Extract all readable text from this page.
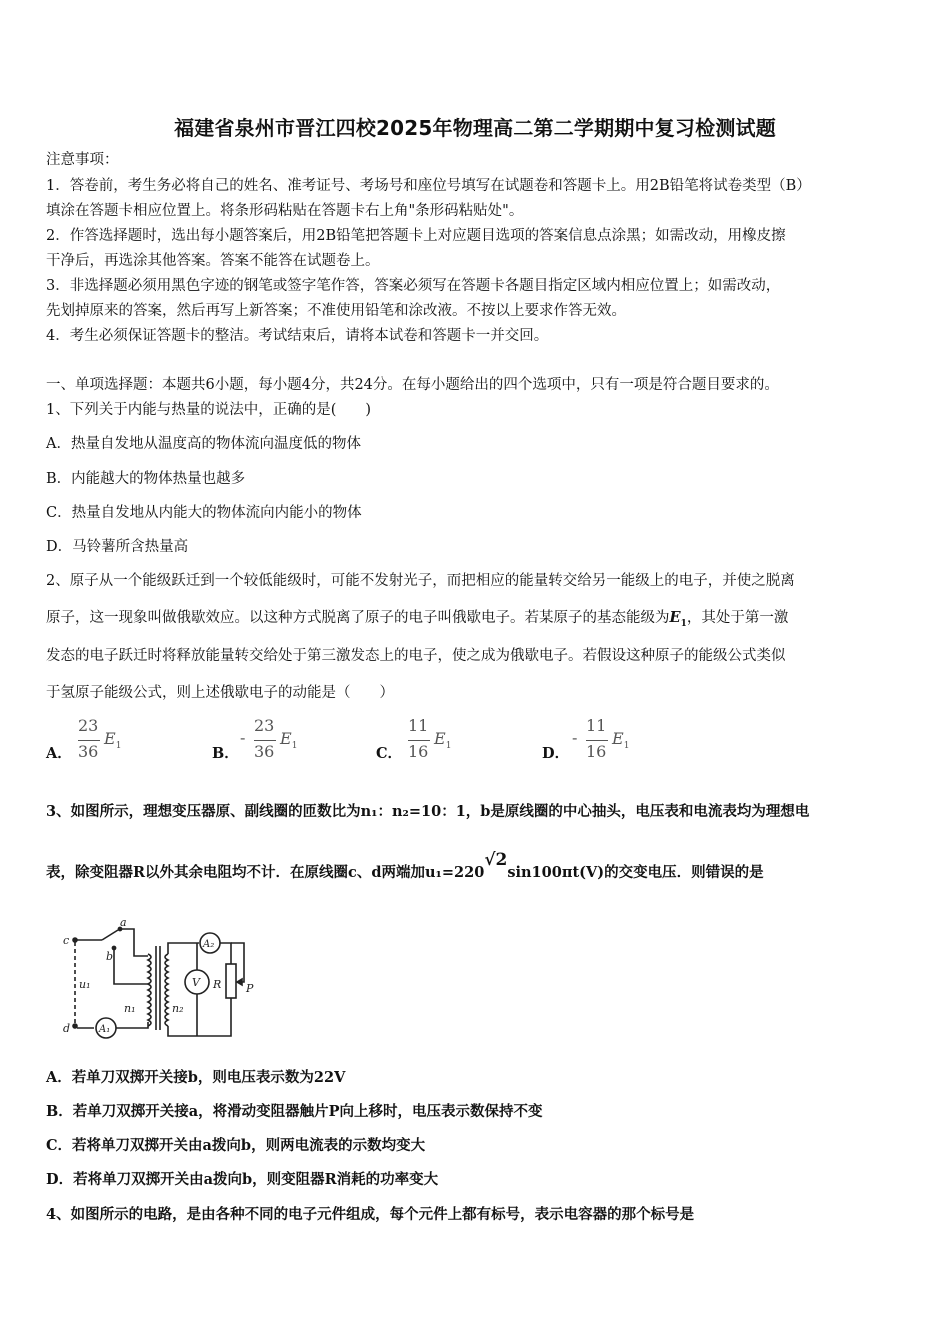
福建省泉州市晋江四校2025年物理高二第二学期期中复习检测试题
注意事项：
1．答卷前，考生务必将自己的姓名、准考证号、考场号和座位号填写在试题卷和答题卡上。用2B铅笔将试卷类型（B）
填涂在答题卡相应位置上。将条形码粘贴在答题卡右上角"条形码粘贴处"。
2．作答选择题时，选出每小题答案后，用2B铅笔把答题卡上对应题目选项的答案信息点涂黑；如需改动，用橡皮擦
干净后，再选涂其他答案。答案不能答在试题卷上。
3．非选择题必须用黑色字迹的钢笔或签字笔作答，答案必须写在答题卡各题目指定区域内相应位置上；如需改动，
先划掉原来的答案，然后再写上新答案；不准使用铅笔和涂改液。不按以上要求作答无效。
4．考生必须保证答题卡的整洁。考试结束后，请将本试卷和答题卡一并交回。
一、单项选择题：本题共6小题，每小题4分，共24分。在每小题给出的四个选项中，只有一项是符合题目要求的。
1、下列关于内能与热量的说法中，正确的是(　　)
A．热量自发地从温度高的物体流向温度低的物体
B．内能越大的物体热量也越多
C．热量自发地从内能大的物体流向内能小的物体
D．马铃薯所含热量高
2、原子从一个能级跃迁到一个较低能级时，可能不发射光子，而把相应的能量转交给另一能级上的电子，并使之脱离
原子，这一现象叫做俄歇效应。以这种方式脱离了原子的电子叫俄歇电子。若某原子的基态能级为$E_1$，其处于第一激
发态的电子跃迁时将释放能量转交给处于第三激发态上的电子，使之成为俄歇电子。若假设这种原子的能级公式类似
于氢原子能级公式，则上述俄歇电子的动能是（　　）
A．
23
36
$E_1$	B．
-
23
36
$E_1$	C．
11
16
$E_1$	D．
-
11
16
$E_1$
3、如图所示，理想变压器原、副线圈的匝数比为n₁：n₂=10：1，b是原线圈的中心抽头，电压表和电流表均为理想电
表，除变阻器R以外其余电阻均不计．在原线圈c、d两端加u₁=220√2sin100πt(V)的交变电压．则错误的是
c
a
b
u₁
d	A₁
n₁	n₂
V
A₂
R P
A．若单刀双掷开关接b，则电压表示数为22V
B．若单刀双掷开关接a，将滑动变阻器触片P向上移时，电压表示数保持不变
C．若将单刀双掷开关由a拨向b，则两电流表的示数均变大
D．若将单刀双掷开关由a拨向b，则变阻器R消耗的功率变大
4、如图所示的电路，是由各种不同的电子元件组成，每个元件上都有标号，表示电容器的那个标号是
